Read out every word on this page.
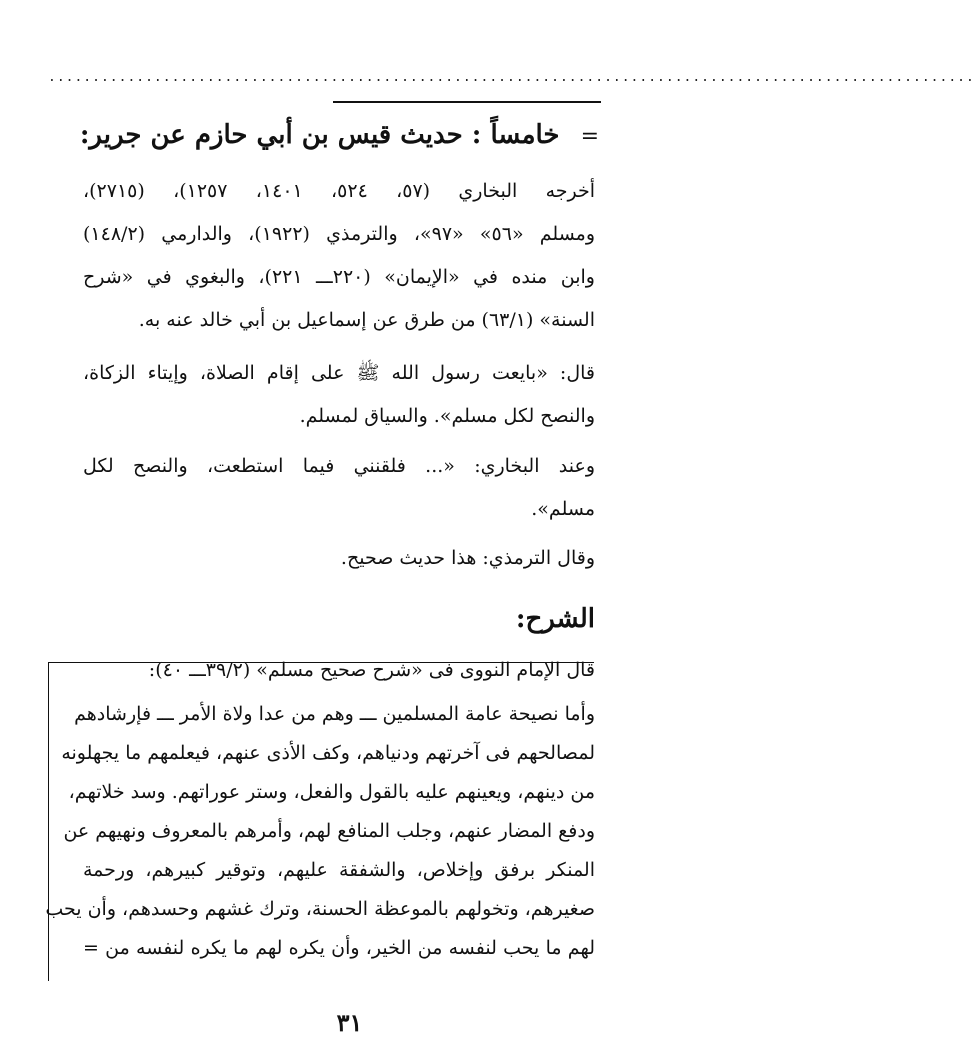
.........................................................................................................
= خامساً : حديث قيس بن أبي حازم عن جرير:
أخرجه البخاري (٥٧، ٥٢٤، ١٤٠١، ١٢٥٧)، (٢٧١٥)،
ومسلم «٥٦» «٩٧»، والترمذي (١٩٢٢)، والدارمي (١٤٨/٢)
وابن منده في «الإيمان» (٢٢٠ـــ ٢٢١)، والبغوي في «شرح
السنة» (٦٣/١) من طرق عن إسماعيل بن أبي خالد عنه به.
قال: «بايعت رسول الله ﷺ على إقام الصلاة، وإيتاء الزكاة،
والنصح لكل مسلم». والسياق لمسلم.
وعند البخاري: «... فلقنني فيما استطعت، والنصح لكل
مسلم».
وقال الترمذي: هذا حديث صحيح.
الشرح:
قال الإمام النووى فى «شرح صحيح مسلم» (٣٩/٢ـــ ٤٠):
وأما نصيحة عامة المسلمين ـــ وهم من عدا ولاة الأمر ـــ فإرشادهم
لمصالحهم فى آخرتهم ودنياهم، وكف الأذى عنهم، فيعلمهم ما يجهلونه
من دينهم، ويعينهم عليه بالقول والفعل، وستر عوراتهم. وسد خلاتهم،
ودفع المضار عنهم، وجلب المنافع لهم، وأمرهم بالمعروف ونهيهم عن
المنكر برفق وإخلاص، والشفقة عليهم، وتوقير كبيرهم، ورحمة
صغيرهم، وتخولهم بالموعظة الحسنة، وترك غشهم وحسدهم، وأن يحب
لهم ما يحب لنفسه من الخير، وأن يكره لهم ما يكره لنفسه من =
٣١
